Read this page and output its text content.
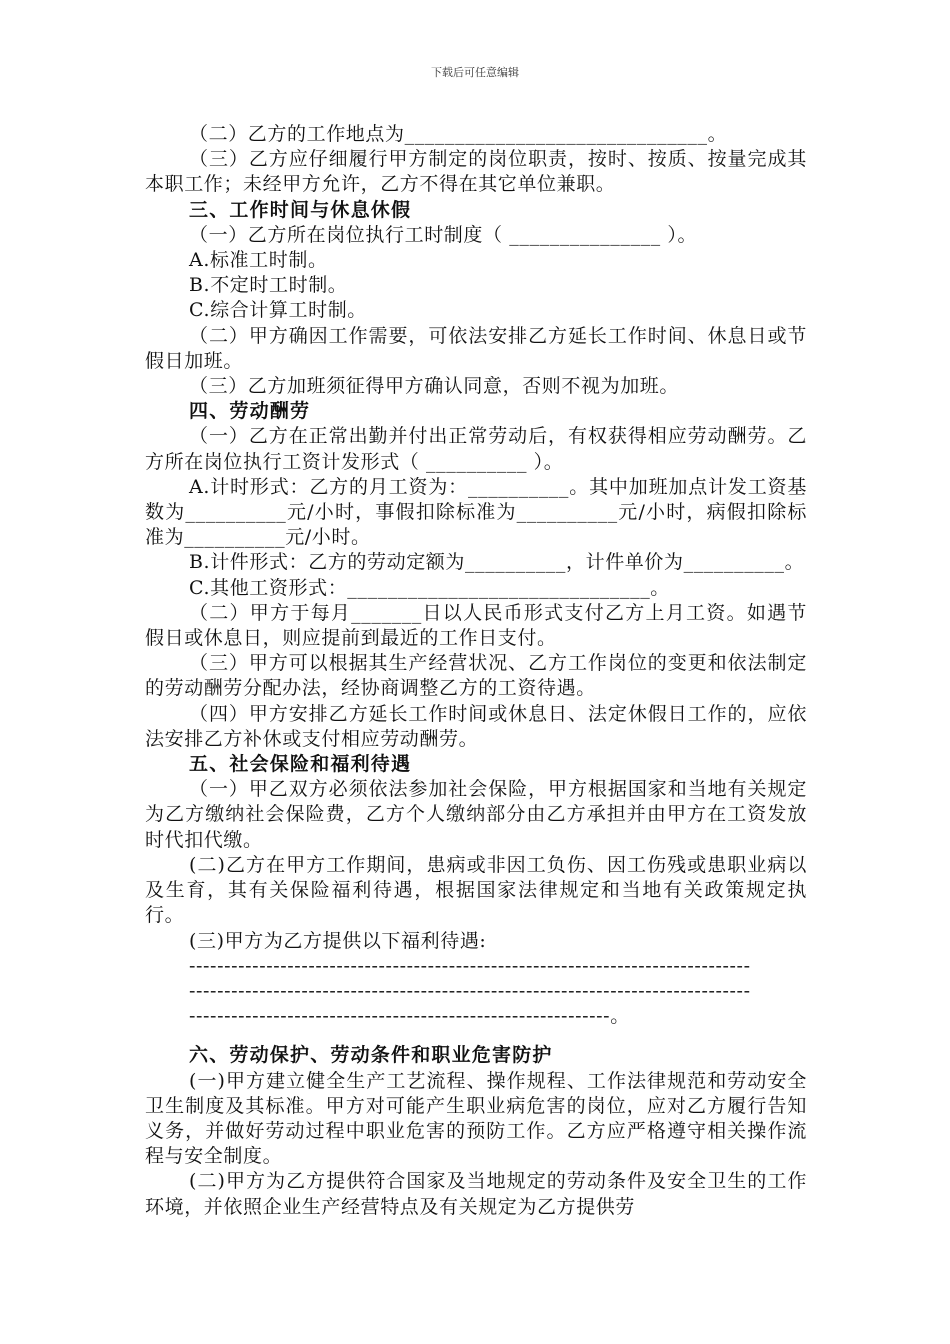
下载后可任意编辑

（二）乙方的工作地点为______________________________。

（三）乙方应仔细履行甲方制定的岗位职责，按时、按质、按量完成其本职工作；未经甲方允许，乙方不得在其它单位兼职。

三、工作时间与休息休假

（一）乙方所在岗位执行工时制度（ _______________ ）。

A.标准工时制。

B.不定时工时制。

C.综合计算工时制。

（二）甲方确因工作需要，可依法安排乙方延长工作时间、休息日或节假日加班。

（三）乙方加班须征得甲方确认同意，否则不视为加班。

四、劳动酬劳

（一）乙方在正常出勤并付出正常劳动后，有权获得相应劳动酬劳。乙方所在岗位执行工资计发形式（ __________ ）。

A.计时形式：乙方的月工资为：__________。其中加班加点计发工资基数为__________元/小时，事假扣除标准为__________元/小时，病假扣除标准为__________元/小时。

B.计件形式：乙方的劳动定额为__________，计件单价为__________。

C.其他工资形式：______________________________。

（二）甲方于每月_______日以人民币形式支付乙方上月工资。如遇节假日或休息日，则应提前到最近的工作日支付。

（三）甲方可以根据其生产经营状况、乙方工作岗位的变更和依法制定的劳动酬劳分配办法，经协商调整乙方的工资待遇。

（四）甲方安排乙方延长工作时间或休息日、法定休假日工作的，应依法安排乙方补休或支付相应劳动酬劳。

五、社会保险和福利待遇

（一）甲乙双方必须依法参加社会保险，甲方根据国家和当地有关规定为乙方缴纳社会保险费，乙方个人缴纳部分由乙方承担并由甲方在工资发放时代扣代缴。

(二)乙方在甲方工作期间，患病或非因工负伤、因工伤残或患职业病以及生育，其有关保险福利待遇，根据国家法律规定和当地有关政策规定执行。

(三)甲方为乙方提供以下福利待遇:

--------------------------------------------------------------------------------

--------------------------------------------------------------------------------

------------------------------------------------------------。

六、劳动保护、劳动条件和职业危害防护

(一)甲方建立健全生产工艺流程、操作规程、工作法律规范和劳动安全卫生制度及其标准。甲方对可能产生职业病危害的岗位，应对乙方履行告知义务，并做好劳动过程中职业危害的预防工作。乙方应严格遵守相关操作流程与安全制度。

(二)甲方为乙方提供符合国家及当地规定的劳动条件及安全卫生的工作环境，并依照企业生产经营特点及有关规定为乙方提供劳
